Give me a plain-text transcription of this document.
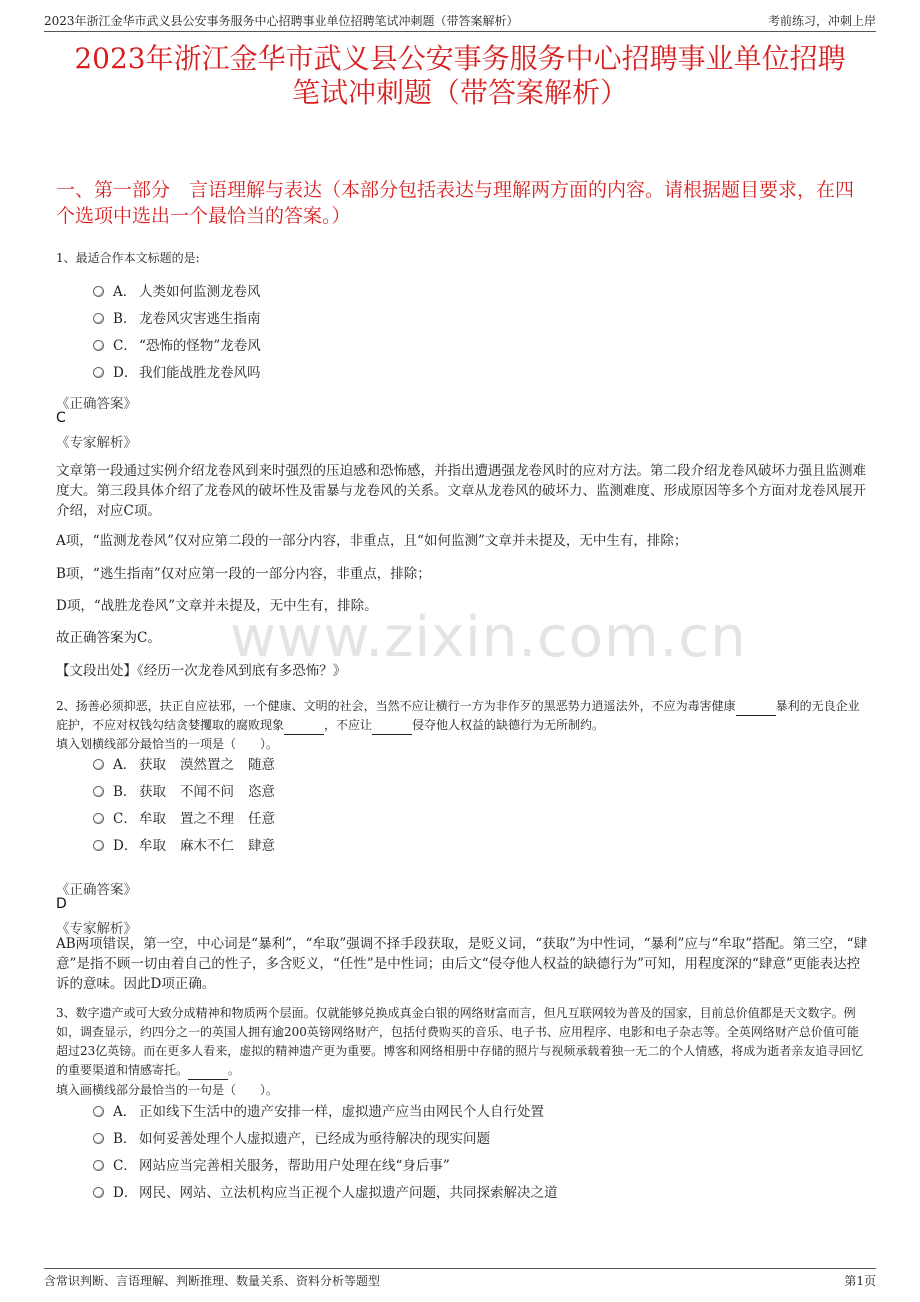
2023年浙江金华市武义县公安事务服务中心招聘事业单位招聘笔试冲刺题（带答案解析）	考前练习，冲刺上岸
2023年浙江金华市武义县公安事务服务中心招聘事业单位招聘
笔试冲刺题（带答案解析）
一、第一部分　言语理解与表达（本部分包括表达与理解两方面的内容。请根据题目要求，在四个选项中选出一个最恰当的答案。）
1、最适合作本文标题的是:
A． 人类如何监测龙卷风
B． 龙卷风灾害逃生指南
C． “恐怖的怪物”龙卷风
D． 我们能战胜龙卷风吗
《正确答案》
C
《专家解析》
文章第一段通过实例介绍龙卷风到来时强烈的压迫感和恐怖感，并指出遭遇强龙卷风时的应对方法。第二段介绍龙卷风破坏力强且监测难度大。第三段具体介绍了龙卷风的破坏性及雷暴与龙卷风的关系。文章从龙卷风的破坏力、监测难度、形成原因等多个方面对龙卷风展开介绍，对应C项。
A项，“监测龙卷风”仅对应第二段的一部分内容，非重点，且“如何监测”文章并未提及，无中生有，排除；
B项，“逃生指南”仅对应第一段的一部分内容，非重点，排除；
D项，“战胜龙卷风”文章并未提及，无中生有，排除。
故正确答案为C。
【文段出处】《经历一次龙卷风到底有多恐怖？》
www.zixin.com.cn
2、扬善必须抑恶，扶正自应祛邪，一个健康、文明的社会，当然不应让横行一方为非作歹的黑恶势力逍遥法外，不应为毒害健康	暴利的无良企业庇护，不应对权钱勾结贪婪攫取的腐败现象	，不应让	侵夺他人权益的缺德行为无所制约。
填入划横线部分最恰当的一项是（　　）。
A． 获取 漠然置之 随意
B． 获取 不闻不问 恣意
C． 牟取 置之不理 任意
D． 牟取 麻木不仁 肆意
《正确答案》
D
《专家解析》
AB两项错误，第一空，中心词是“暴利”，“牟取”强调不择手段获取，是贬义词，“获取”为中性词，“暴利”应与“牟取”搭配。第三空，“肆意”是指不顾一切由着自己的性子，多含贬义，“任性”是中性词；由后文“侵夺他人权益的缺德行为”可知，用程度深的“肆意”更能表达控诉的意味。因此D项正确。
3、数字遗产或可大致分成精神和物质两个层面。仅就能够兑换成真金白银的网络财富而言，但凡互联网较为普及的国家，目前总价值都是天文数字。例如，调查显示，约四分之一的英国人拥有逾200英镑网络财产，包括付费购买的音乐、电子书、应用程序、电影和电子杂志等。全英网络财产总价值可能超过23亿英镑。而在更多人看来，虚拟的精神遗产更为重要。博客和网络相册中存储的照片与视频承载着独一无二的个人情感，将成为逝者亲友追寻回忆的重要渠道和情感寄托。	。
填入画横线部分最恰当的一句是（　　）。
A． 正如线下生活中的遗产安排一样，虚拟遗产应当由网民个人自行处置
B． 如何妥善处理个人虚拟遗产，已经成为亟待解决的现实问题
C． 网站应当完善相关服务，帮助用户处理在线“身后事”
D． 网民、网站、立法机构应当正视个人虚拟遗产问题，共同探索解决之道
含常识判断、言语理解、判断推理、数量关系、资料分析等题型	第1页
